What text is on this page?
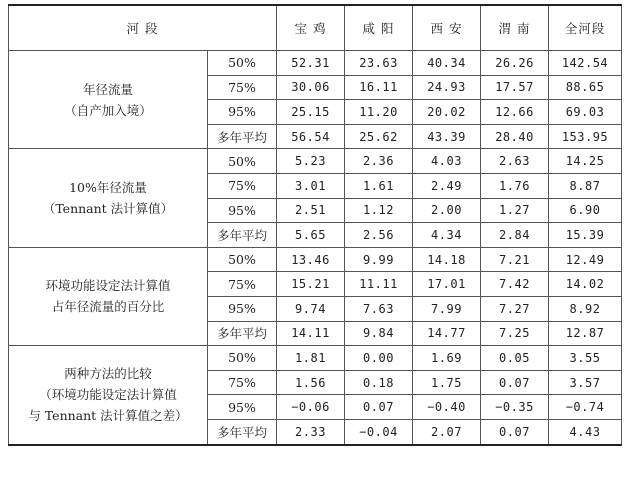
河 段		宝 鸡	咸 阳	西 安	渭 南	全河段

年径流量
（自产加入境）	50%	52.31	23.63	40.34	26.26	142.54
	75%	30.06	16.11	24.93	17.57	88.65
	95%	25.15	11.20	20.02	12.66	69.03
	多年平均	56.54	25.62	43.39	28.40	153.95

10%年径流量
（Tennant 法计算值）	50%	5.23	2.36	4.03	2.63	14.25
	75%	3.01	1.61	2.49	1.76	8.87
	95%	2.51	1.12	2.00	1.27	6.90
	多年平均	5.65	2.56	4.34	2.84	15.39

环境功能设定法计算值
占年径流量的百分比	50%	13.46	9.99	14.18	7.21	12.49
	75%	15.21	11.11	17.01	7.42	14.02
	95%	9.74	7.63	7.99	7.27	8.92
	多年平均	14.11	9.84	14.77	7.25	12.87

两种方法的比较
（环境功能设定法计算值
与 Tennant 法计算值之差）	50%	1.81	0.00	1.69	0.05	3.55
	75%	1.56	0.18	1.75	0.07	3.57
	95%	−0.06	0.07	−0.40	−0.35	−0.74
	多年平均	2.33	−0.04	2.07	0.07	4.43
